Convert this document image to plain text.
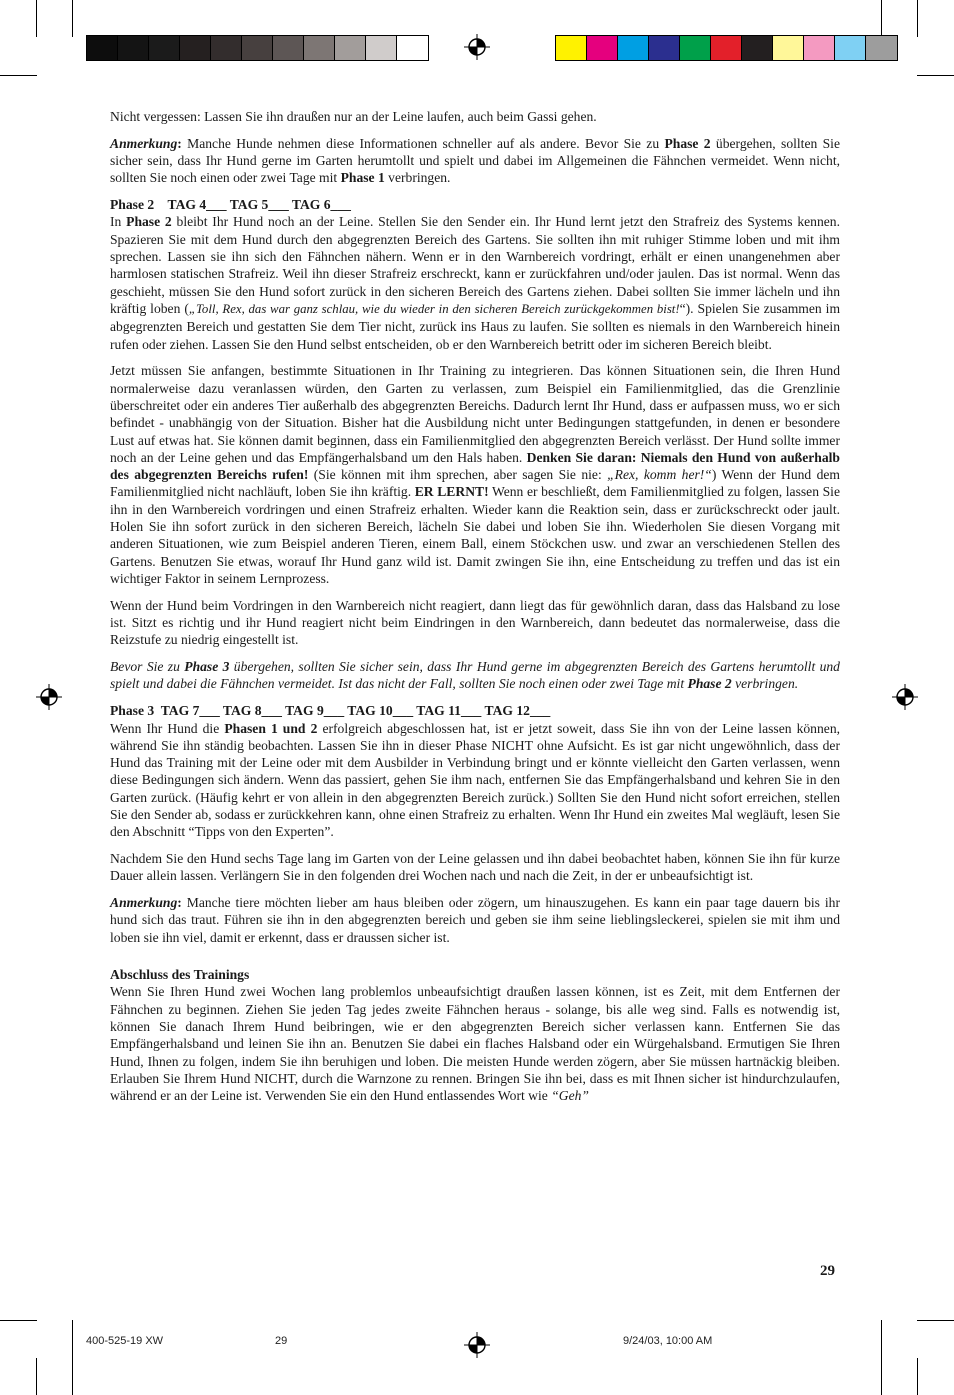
Nicht vergessen: Lassen Sie ihn draußen nur an der Leine laufen, auch beim Gassi gehen.

Anmerkung: Manche Hunde nehmen diese Informationen schneller auf als andere. Bevor Sie zu Phase 2 übergehen, sollten Sie sicher sein, dass Ihr Hund gerne im Garten herumtollt und spielt und dabei im Allgemeinen die Fähnchen vermeidet. Wenn nicht, sollten Sie noch einen oder zwei Tage mit Phase 1 verbringen.

Phase 2    TAG 4___ TAG 5___ TAG 6___

In Phase 2 bleibt Ihr Hund noch an der Leine. Stellen Sie den Sender ein. Ihr Hund lernt jetzt den Strafreiz des Systems kennen. Spazieren Sie mit dem Hund durch den abgegrenzten Bereich des Gartens. Sie sollten ihn mit ruhiger Stimme loben und mit ihm sprechen. Lassen sie ihn sich den Fähnchen nähern. Wenn er in den Warnbereich vordringt, erhält er einen unangenehmen aber harmlosen statischen Strafreiz. Weil ihn dieser Strafreiz erschreckt, kann er zurückfahren und/oder jaulen. Das ist normal. Wenn das geschieht, müssen Sie den Hund sofort zurück in den sicheren Bereich des Gartens ziehen. Dabei sollten Sie immer lächeln und ihn kräftig loben („Toll, Rex, das war ganz schlau, wie du wieder in den sicheren Bereich zurückgekommen bist!“). Spielen Sie zusammen im abgegrenzten Bereich und gestatten Sie dem Tier nicht, zurück ins Haus zu laufen. Sie sollten es niemals in den Warnbereich hinein rufen oder ziehen. Lassen Sie den Hund selbst entscheiden, ob er den Warnbereich betritt oder im sicheren Bereich bleibt.

Jetzt müssen Sie anfangen, bestimmte Situationen in Ihr Training zu integrieren. Das können Situationen sein, die Ihren Hund normalerweise dazu veranlassen würden, den Garten zu verlassen, zum Beispiel ein Familienmitglied, das die Grenzlinie überschreitet oder ein anderes Tier außerhalb des abgegrenzten Bereichs. Dadurch lernt Ihr Hund, dass er aufpassen muss, wo er sich befindet - unabhängig von der Situation. Bisher hat die Ausbildung nicht unter Bedingungen stattgefunden, in denen er besondere Lust auf etwas hat. Sie können damit beginnen, dass ein Familienmitglied den abgegrenzten Bereich verlässt. Der Hund sollte immer noch an der Leine gehen und das Empfängerhalsband um den Hals haben. Denken Sie daran: Niemals den Hund von außerhalb des abgegrenzten Bereichs rufen! (Sie können mit ihm sprechen, aber sagen Sie nie: „Rex, komm her!“) Wenn der Hund dem Familienmitglied nicht nachläuft, loben Sie ihn kräftig. ER LERNT! Wenn er beschließt, dem Familienmitglied zu folgen, lassen Sie ihn in den Warnbereich vordringen und einen Strafreiz erhalten. Wieder kann die Reaktion sein, dass er zurückschreckt oder jault. Holen Sie ihn sofort zurück in den sicheren Bereich, lächeln Sie dabei und loben Sie ihn. Wiederholen Sie diesen Vorgang mit anderen Situationen, wie zum Beispiel anderen Tieren, einem Ball, einem Stöckchen usw. und zwar an verschiedenen Stellen des Gartens. Benutzen Sie etwas, worauf Ihr Hund ganz wild ist. Damit zwingen Sie ihn, eine Entscheidung zu treffen und das ist ein wichtiger Faktor in seinem Lernprozess.

Wenn der Hund beim Vordringen in den Warnbereich nicht reagiert, dann liegt das für gewöhnlich daran, dass das Halsband zu lose ist. Sitzt es richtig und ihr Hund reagiert nicht beim Eindringen in den Warnbereich, dann bedeutet das normalerweise, dass die Reizstufe zu niedrig eingestellt ist.

Bevor Sie zu Phase 3 übergehen, sollten Sie sicher sein, dass Ihr Hund gerne im abgegrenzten Bereich des Gartens herumtollt und spielt und dabei die Fähnchen vermeidet. Ist das nicht der Fall, sollten Sie noch einen oder zwei Tage mit Phase 2 verbringen.

Phase 3  TAG 7___ TAG 8___ TAG 9___ TAG 10___ TAG 11___ TAG 12___

Wenn Ihr Hund die Phasen 1 und 2 erfolgreich abgeschlossen hat, ist er jetzt soweit, dass Sie ihn von der Leine lassen können, während Sie ihn ständig beobachten. Lassen Sie ihn in dieser Phase NICHT ohne Aufsicht. Es ist gar nicht ungewöhnlich, dass der Hund das Training mit der Leine oder mit dem Ausbilder in Verbindung bringt und er könnte vielleicht den Garten verlassen, wenn diese Bedingungen sich ändern. Wenn das passiert, gehen Sie ihm nach, entfernen Sie das Empfängerhalsband und kehren Sie in den Garten zurück. (Häufig kehrt er von allein in den abgegrenzten Bereich zurück.) Sollten Sie den Hund nicht sofort erreichen, stellen Sie den Sender ab, sodass er zurückkehren kann, ohne einen Strafreiz zu erhalten. Wenn Ihr Hund ein zweites Mal wegläuft, lesen Sie den Abschnitt “Tipps von den Experten”.

Nachdem Sie den Hund sechs Tage lang im Garten von der Leine gelassen und ihn dabei beobachtet haben, können Sie ihn für kurze Dauer allein lassen. Verlängern Sie in den folgenden drei Wochen nach und nach die Zeit, in der er unbeaufsichtigt ist.

Anmerkung: Manche tiere möchten lieber am haus bleiben oder zögern, um hinauszugehen. Es kann ein paar tage dauern bis ihr hund sich das traut. Führen sie ihn in den abgegrenzten bereich und geben sie ihm seine lieblingsleckerei, spielen sie mit ihm und loben sie ihn viel, damit er erkennt, dass er draussen sicher ist.

Abschluss des Trainings

Wenn Sie Ihren Hund zwei Wochen lang problemlos unbeaufsichtigt draußen lassen können, ist es Zeit, mit dem Entfernen der Fähnchen zu beginnen. Ziehen Sie jeden Tag jedes zweite Fähnchen heraus - solange, bis alle weg sind. Falls es notwendig ist, können Sie danach Ihrem Hund beibringen, wie er den abgegrenzten Bereich sicher verlassen kann. Entfernen Sie das Empfängerhalsband und leinen Sie ihn an. Benutzen Sie dabei ein flaches Halsband oder ein Würgehalsband. Ermutigen Sie Ihren Hund, Ihnen zu folgen, indem Sie ihn beruhigen und loben. Die meisten Hunde werden zögern, aber Sie müssen hartnäckig bleiben. Erlauben Sie Ihrem Hund NICHT, durch die Warnzone zu rennen. Bringen Sie ihn bei, dass es mit Ihnen sicher ist hindurchzulaufen, während er an der Leine ist. Verwenden Sie ein den Hund entlassendes Wort wie “Geh”

29
400-525-19 XW	29	9/24/03, 10:00 AM
